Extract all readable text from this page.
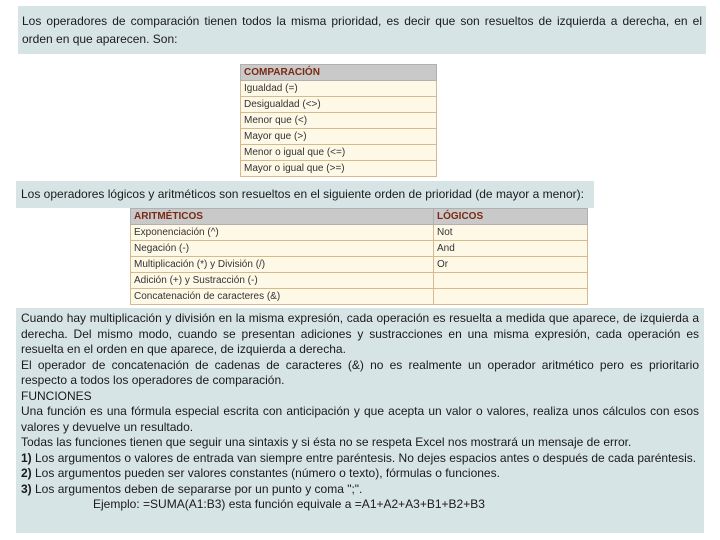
Los operadores de comparación tienen todos la misma prioridad, es decir que son resueltos de izquierda a derecha, en el

orden en que aparecen. Son:

COMPARACIÓN
Igualdad (=)
Desigualdad (<>)
Menor que (<)
Mayor que (>)
Menor o igual que (<=)
Mayor o igual que (>=)
Los operadores lógicos y aritméticos son resueltos en el siguiente orden de prioridad (de mayor a menor):
ARITMÉTICOS	LÓGICOS
Exponenciación (^)	Not
Negación (-)	And
Multiplicación (*) y División (/)	Or
Adición (+) y Sustracción (-)	
Concatenación de caracteres (&)	

Cuando hay multiplicación y división en la misma expresión, cada operación es resuelta a medida que aparece, de izquierda a derecha. Del mismo modo, cuando se presentan adiciones y sustracciones en una misma expresión, cada operación es resuelta en el orden en que aparece, de izquierda a derecha.

El operador de concatenación de cadenas de caracteres (&) no es realmente un operador aritmético pero es prioritario respecto a todos los operadores de comparación.

FUNCIONES

Una función es una fórmula especial escrita con anticipación y que acepta un valor o valores, realiza unos cálculos con esos valores y devuelve un resultado.

Todas las funciones tienen que seguir una sintaxis y si ésta no se respeta Excel nos mostrará un mensaje de error.

1) Los argumentos o valores de entrada van siempre entre paréntesis. No dejes espacios antes o después de cada paréntesis.

2) Los argumentos pueden ser valores constantes (número o texto), fórmulas o funciones.

3) Los argumentos deben de separarse por un punto y coma ";".

Ejemplo: =SUMA(A1:B3) esta función equivale a =A1+A2+A3+B1+B2+B3
